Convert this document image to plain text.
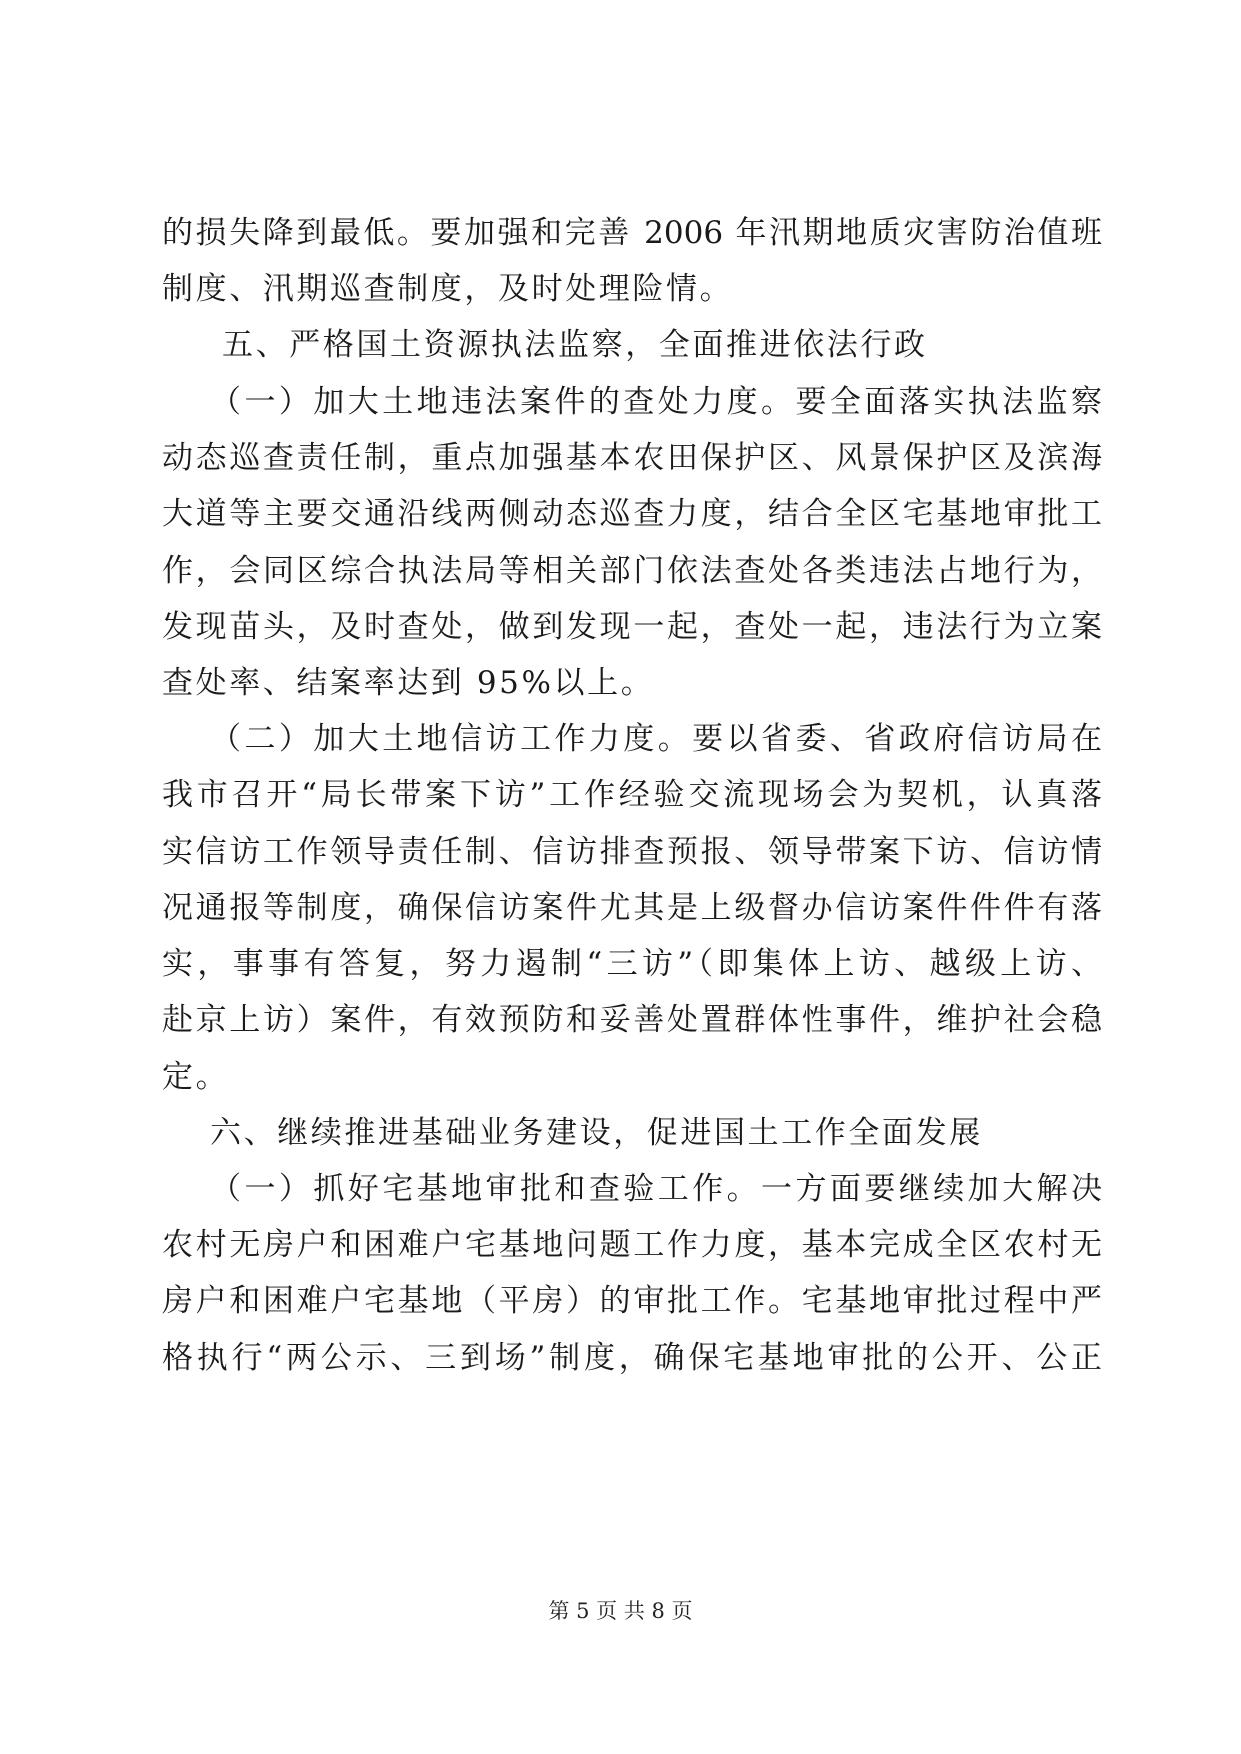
的损失降到最低。要加强和完善 2006 年汛期地质灾害防治值班
制度、汛期巡查制度，及时处理险情。
五、严格国土资源执法监察，全面推进依法行政
（一）加大土地违法案件的查处力度。要全面落实执法监察
动态巡查责任制，重点加强基本农田保护区、风景保护区及滨海
大道等主要交通沿线两侧动态巡查力度，结合全区宅基地审批工
作，会同区综合执法局等相关部门依法查处各类违法占地行为，
发现苗头，及时查处，做到发现一起，查处一起，违法行为立案
查处率、结案率达到 95%以上。
（二）加大土地信访工作力度。要以省委、省政府信访局在
我市召开“局长带案下访”工作经验交流现场会为契机，认真落
实信访工作领导责任制、信访排查预报、领导带案下访、信访情
况通报等制度，确保信访案件尤其是上级督办信访案件件件有落
实，事事有答复，努力遏制“三访”（即集体上访、越级上访、
赴京上访）案件，有效预防和妥善处置群体性事件，维护社会稳
定。
六、继续推进基础业务建设，促进国土工作全面发展
（一）抓好宅基地审批和查验工作。一方面要继续加大解决
农村无房户和困难户宅基地问题工作力度，基本完成全区农村无
房户和困难户宅基地（平房）的审批工作。宅基地审批过程中严
格执行“两公示、三到场”制度，确保宅基地审批的公开、公正
第 5 页 共 8 页
